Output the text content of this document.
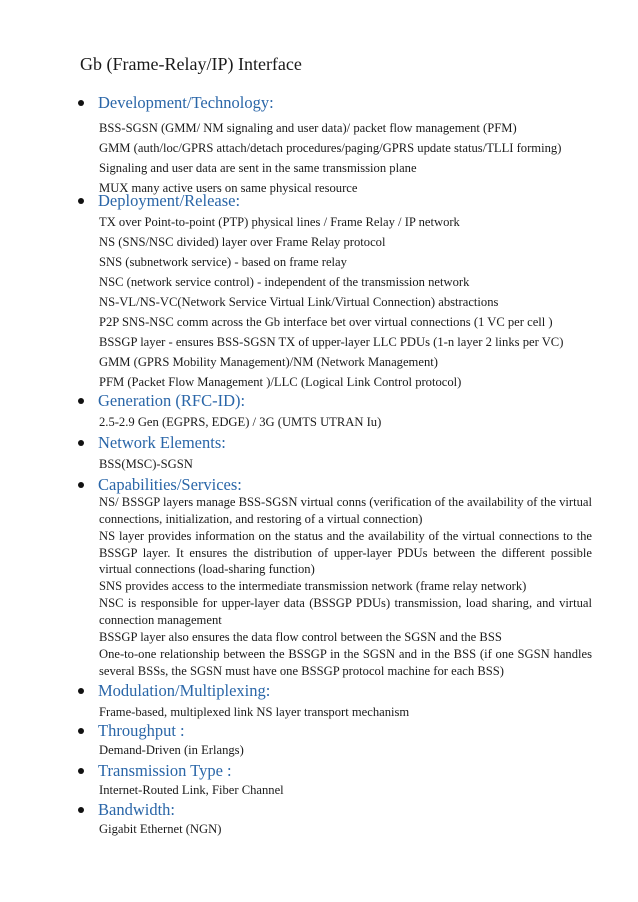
Gb (Frame-Relay/IP) Interface
Development/Technology:
BSS-SGSN (GMM/ NM signaling and user data)/ packet flow management (PFM)
GMM (auth/loc/GPRS attach/detach procedures/paging/GPRS update status/TLLI forming)
Signaling and user data are sent in the same transmission plane
MUX many active users on same physical resource
Deployment/Release:
TX over Point-to-point (PTP) physical lines / Frame Relay / IP network
NS (SNS/NSC divided) layer over Frame Relay protocol
SNS (subnetwork service) - based on frame relay
NSC (network service control) - independent of the transmission network
NS-VL/NS-VC(Network Service Virtual Link/Virtual Connection) abstractions
P2P SNS-NSC comm across the Gb interface bet over virtual connections (1 VC per cell )
BSSGP layer - ensures BSS-SGSN TX of upper-layer LLC PDUs (1-n layer 2 links per VC)
GMM (GPRS Mobility Management)/NM (Network Management)
PFM (Packet Flow Management )/LLC (Logical Link Control protocol)
Generation (RFC-ID):
2.5-2.9 Gen (EGPRS, EDGE) / 3G (UMTS UTRAN Iu)
Network Elements:
BSS(MSC)-SGSN
Capabilities/Services:
NS/ BSSGP layers manage BSS-SGSN virtual conns (verification of the availability of the virtual connections, initialization, and restoring of a virtual connection)
NS layer provides information on the status and the availability of the virtual connections to the BSSGP layer. It ensures the distribution of upper-layer PDUs between the different possible virtual connections (load-sharing function)
SNS provides access to the intermediate transmission network (frame relay network)
NSC is responsible for upper-layer data (BSSGP PDUs) transmission, load sharing, and virtual connection management
BSSGP layer also ensures the data flow control between the SGSN and the BSS
One-to-one relationship between the BSSGP in the SGSN and in the BSS (if one SGSN handles several BSSs, the SGSN must have one BSSGP protocol machine for each BSS)
Modulation/Multiplexing:
Frame-based, multiplexed link NS layer transport mechanism
Throughput :
Demand-Driven (in Erlangs)
Transmission Type :
Internet-Routed Link, Fiber Channel
Bandwidth:
Gigabit Ethernet (NGN)
